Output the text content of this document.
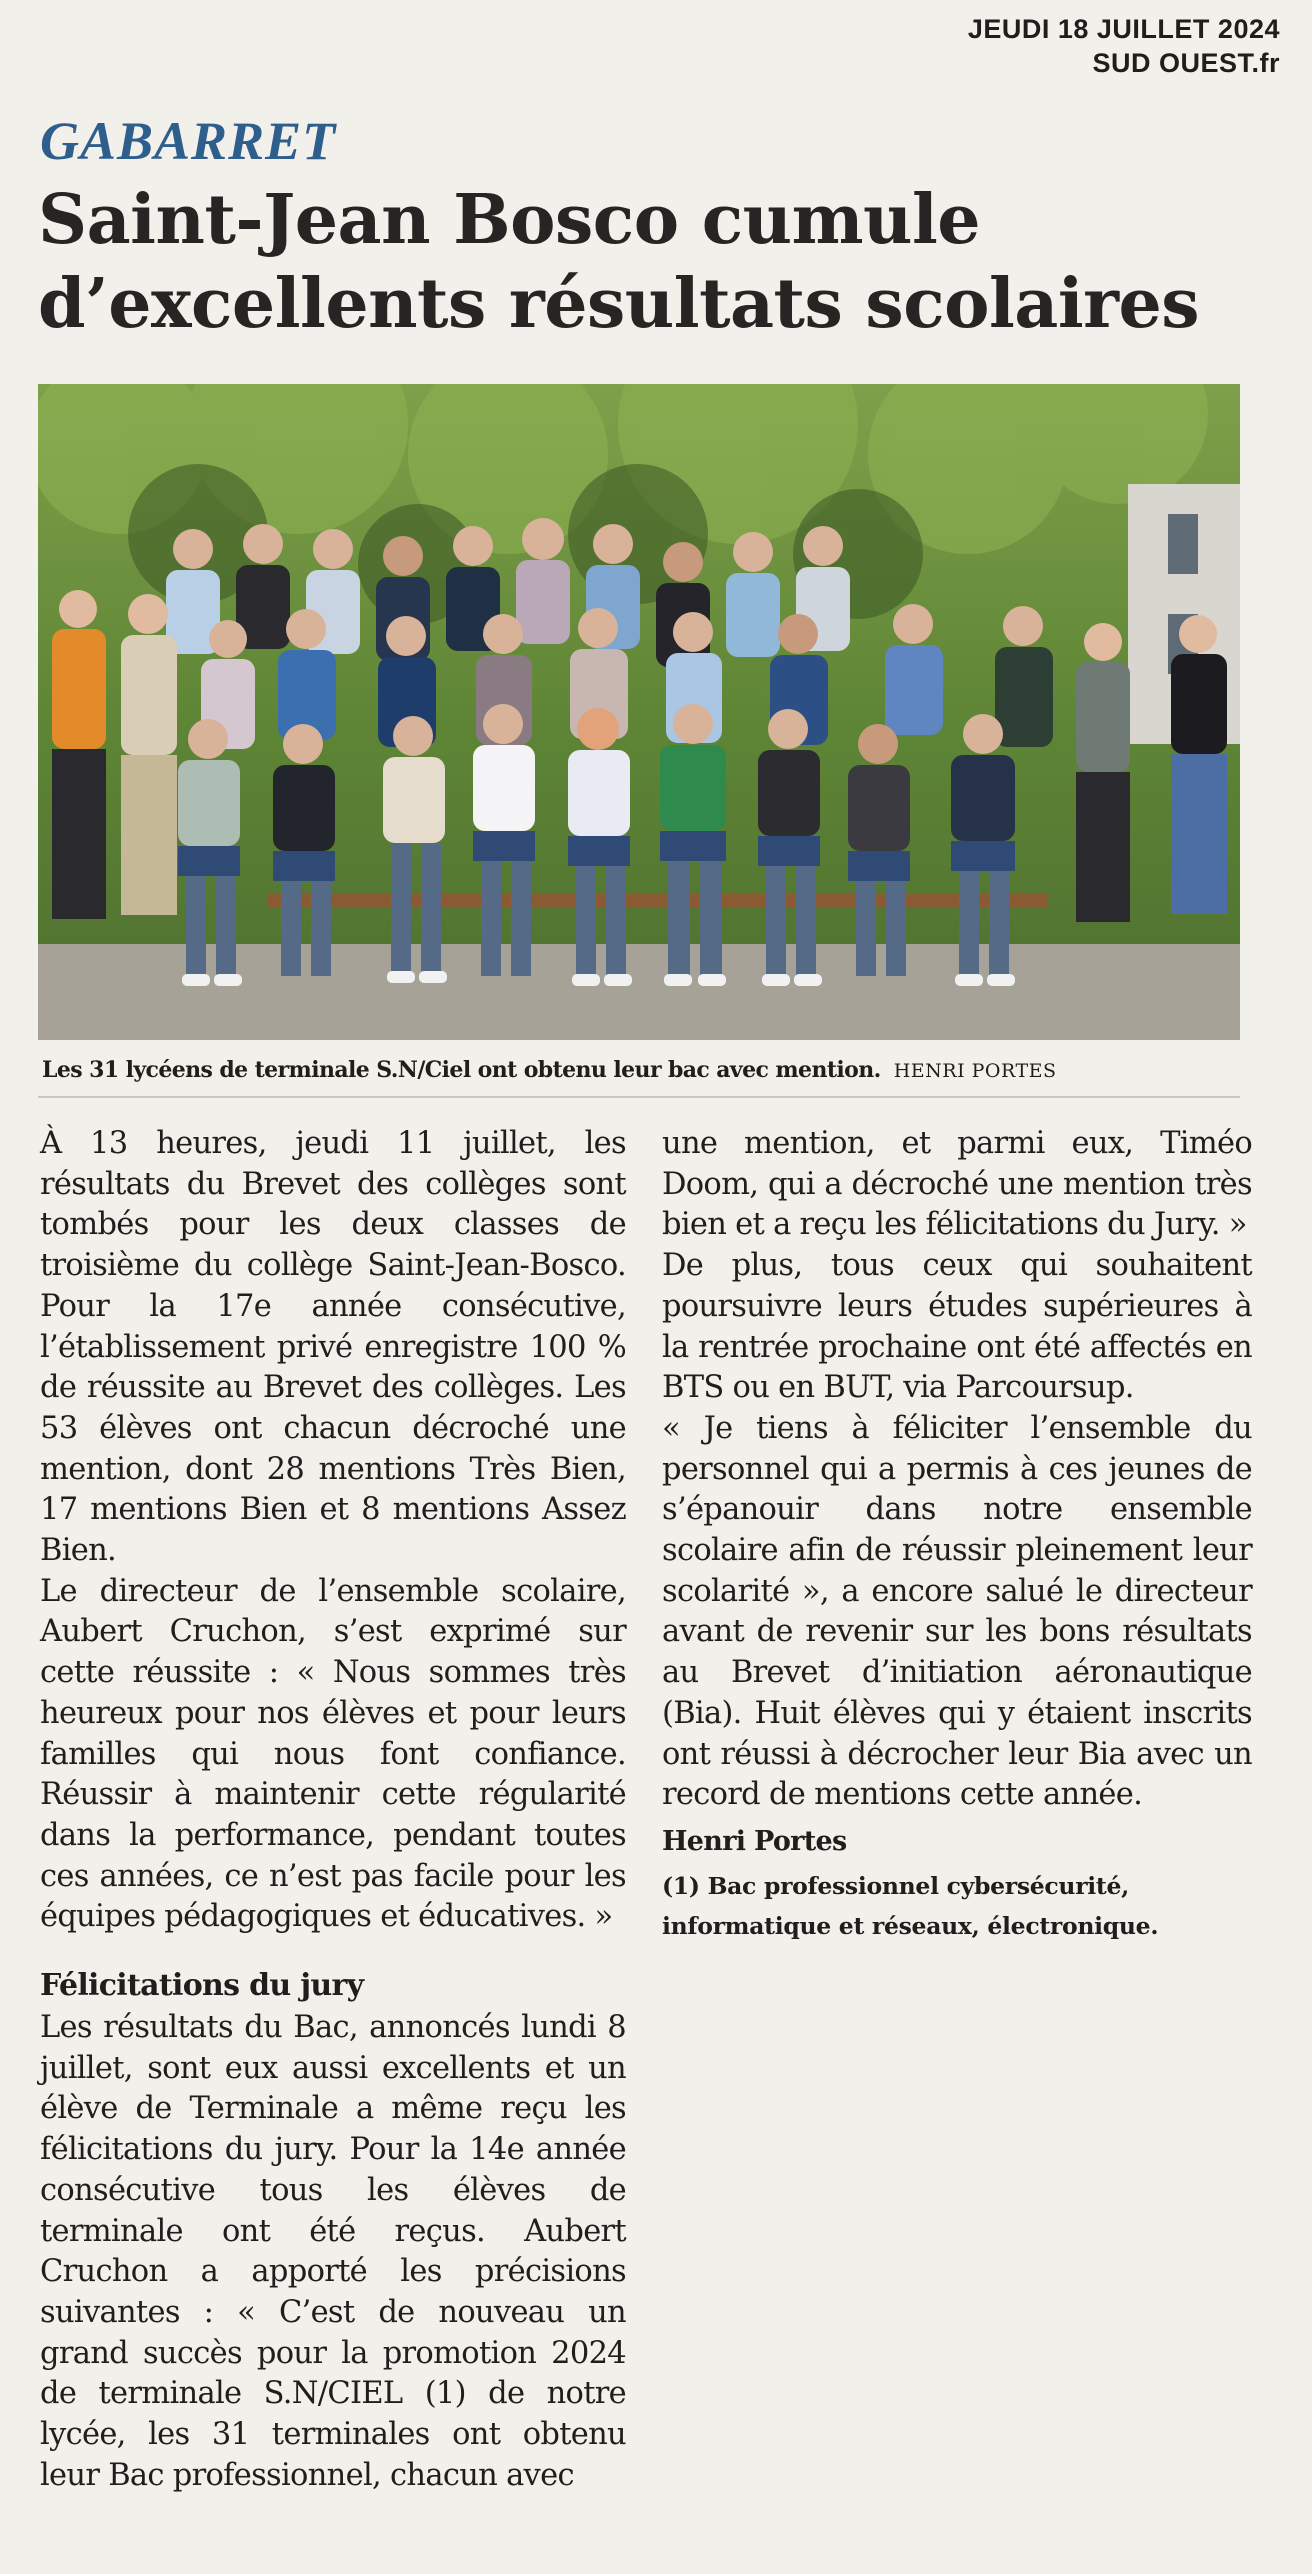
JEUDI 18 JUILLET 2024
SUD OUEST.fr
GABARRET
Saint-Jean Bosco cumule d’excellents résultats scolaires
Les 31 lycéens de terminale S.N/Ciel ont obtenu leur bac avec mention. HENRI PORTES

À 13 heures, jeudi 11 juillet, les résultats du Brevet des collèges sont tombés pour les deux classes de troisième du collège Saint-Jean-Bosco. Pour la 17e année consécutive, l’établissement privé enregistre 100 % de réussite au Brevet des collèges. Les 53 élèves ont chacun décroché une mention, dont 28 mentions Très Bien, 17 mentions Bien et 8 mentions Assez Bien.

Le directeur de l’ensemble scolaire, Aubert Cruchon, s’est exprimé sur cette réussite : « Nous sommes très heureux pour nos élèves et pour leurs familles qui nous font confiance. Réussir à maintenir cette régularité dans la performance, pendant toutes ces années, ce n’est pas facile pour les équipes pédagogiques et éducatives. »

Félicitations du jury

Les résultats du Bac, annoncés lundi 8 juillet, sont eux aussi excellents et un élève de Terminale a même reçu les félicitations du jury. Pour la 14e année consécutive tous les élèves de terminale ont été reçus. Aubert Cruchon a apporté les précisions suivantes : « C’est de nouveau un grand succès pour la promotion 2024 de terminale S.N/CIEL (1) de notre lycée, les 31 terminales ont obtenu leur Bac professionnel, chacun avec

une mention, et parmi eux, Timéo Doom, qui a décroché une mention très bien et a reçu les félicitations du Jury. »

De plus, tous ceux qui souhaitent poursuivre leurs études supérieures à la rentrée prochaine ont été affectés en BTS ou en BUT, via Parcoursup.

« Je tiens à féliciter l’ensemble du personnel qui a permis à ces jeunes de s’épanouir dans notre ensemble scolaire afin de réussir pleinement leur scolarité », a encore salué le directeur avant de revenir sur les bons résultats au Brevet d’initiation aéronautique (Bia). Huit élèves qui y étaient inscrits ont réussi à décrocher leur Bia avec un record de mentions cette année.

Henri Portes
(1) Bac professionnel cybersécurité, informatique et réseaux, électronique.
